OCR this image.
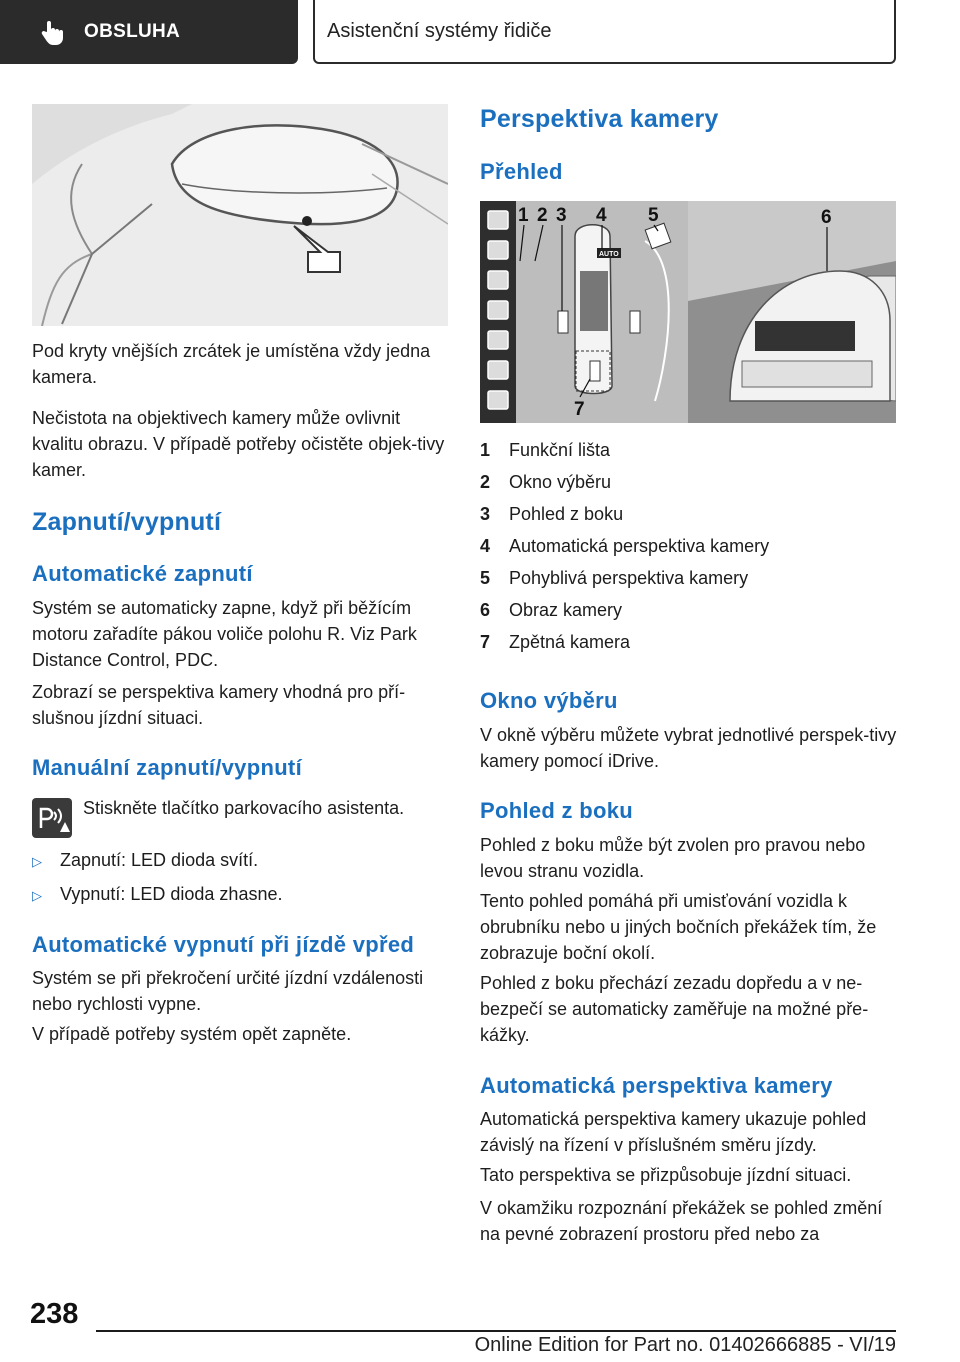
OBSLUHA	Asistenční systémy řidiče

Pod kryty vnějších zrcátek je umístěna vždy jedna kamera.

Nečistota na objektivech kamery může ovlivnit kvalitu obrazu. V případě potřeby očistěte objek-tivy kamer.

Zapnutí/vypnutí
Automatické zapnutí

Systém se automaticky zapne, když při běžícím motoru zařadíte pákou voliče polohu R. Viz Park Distance Control, PDC.

Zobrazí se perspektiva kamery vhodná pro pří-slušnou jízdní situaci.

Manuální zapnutí/vypnutí

Stiskněte tlačítko parkovacího asistenta.

▷ Zapnutí: LED dioda svítí.
▷ Vypnutí: LED dioda zhasne.
Automatické vypnutí při jízdě vpřed

Systém se při překročení určité jízdní vzdálenosti nebo rychlosti vypne.

V případě potřeby systém opět zapněte.

Perspektiva kamery
Přehled
AUTO
1 2 3 4 5	6
7
1	Funkční lišta
2	Okno výběru
3	Pohled z boku
4	Automatická perspektiva kamery
5	Pohyblivá perspektiva kamery
6	Obraz kamery
7	Zpětná kamera
Okno výběru

V okně výběru můžete vybrat jednotlivé perspek-tivy kamery pomocí iDrive.

Pohled z boku

Pohled z boku může být zvolen pro pravou nebo levou stranu vozidla.

Tento pohled pomáhá při umisťování vozidla k obrubníku nebo u jiných bočních překážek tím, že zobrazuje boční okolí.

Pohled z boku přechází zezadu dopředu a v ne-bezpečí se automaticky zaměřuje na možné pře-kážky.

Automatická perspektiva kamery

Automatická perspektiva kamery ukazuje pohled závislý na řízení v příslušném směru jízdy.

Tato perspektiva se přizpůsobuje jízdní situaci.

V okamžiku rozpoznání překážek se pohled změní na pevné zobrazení prostoru před nebo za

238
Online Edition for Part no. 01402666885 - VI/19
